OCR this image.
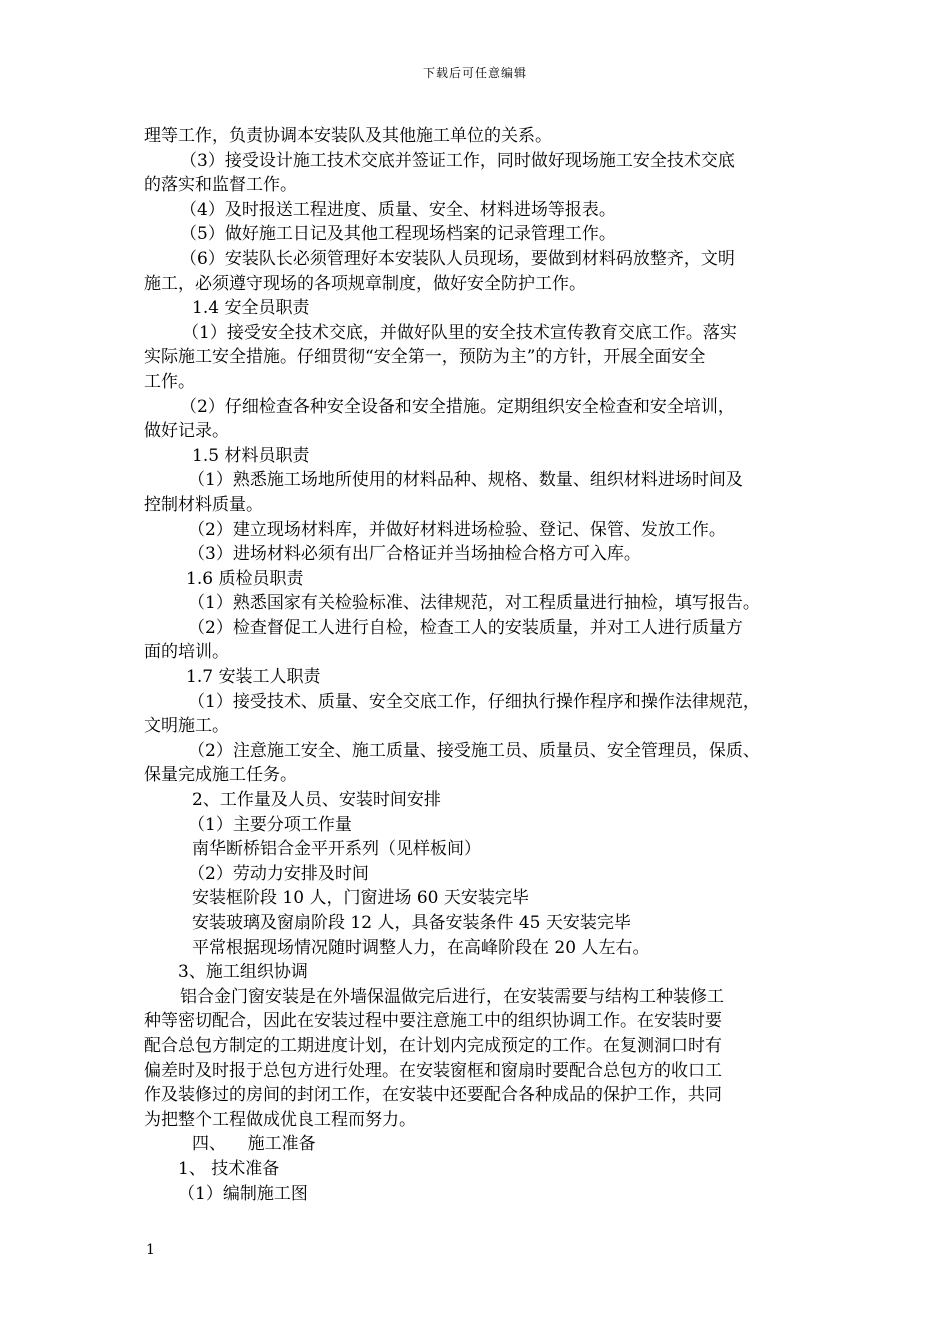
下载后可任意编辑
理等工作，负责协调本安装队及其他施工单位的关系。
（3）接受设计施工技术交底并签证工作，同时做好现场施工安全技术交底
的落实和监督工作。
（4）及时报送工程进度、质量、安全、材料进场等报表。
（5）做好施工日记及其他工程现场档案的记录管理工作。
（6）安装队长必须管理好本安装队人员现场，要做到材料码放整齐，文明
施工，必须遵守现场的各项规章制度，做好安全防护工作。
1.4 安全员职责
（1）接受安全技术交底，并做好队里的安全技术宣传教育交底工作。落实
实际施工安全措施。仔细贯彻“安全第一，预防为主”的方针，开展全面安全
工作。
（2）仔细检查各种安全设备和安全措施。定期组织安全检查和安全培训，
做好记录。
1.5 材料员职责
（1）熟悉施工场地所使用的材料品种、规格、数量、组织材料进场时间及
控制材料质量。
（2）建立现场材料库，并做好材料进场检验、登记、保管、发放工作。
（3）进场材料必须有出厂合格证并当场抽检合格方可入库。
1.6 质检员职责
（1）熟悉国家有关检验标准、法律规范，对工程质量进行抽检，填写报告。
（2）检查督促工人进行自检，检查工人的安装质量，并对工人进行质量方
面的培训。
1.7 安装工人职责
（1）接受技术、质量、安全交底工作，仔细执行操作程序和操作法律规范，
文明施工。
（2）注意施工安全、施工质量、接受施工员、质量员、安全管理员，保质、
保量完成施工任务。
2、工作量及人员、安装时间安排
（1）主要分项工作量
南华断桥铝合金平开系列（见样板间）
（2）劳动力安排及时间
安装框阶段 10 人，门窗进场 60 天安装完毕
安装玻璃及窗扇阶段 12 人，具备安装条件 45 天安装完毕
平常根据现场情况随时调整人力，在高峰阶段在 20 人左右。
3、施工组织协调
铝合金门窗安装是在外墙保温做完后进行，在安装需要与结构工种装修工
种等密切配合，因此在安装过程中要注意施工中的组织协调工作。在安装时要
配合总包方制定的工期进度计划，在计划内完成预定的工作。在复测洞口时有
偏差时及时报于总包方进行处理。在安装窗框和窗扇时要配合总包方的收口工
作及装修过的房间的封闭工作，在安装中还要配合各种成品的保护工作，共同
为把整个工程做成优良工程而努力。
四、    施工准备
1、 技术准备
（1）编制施工图
1
